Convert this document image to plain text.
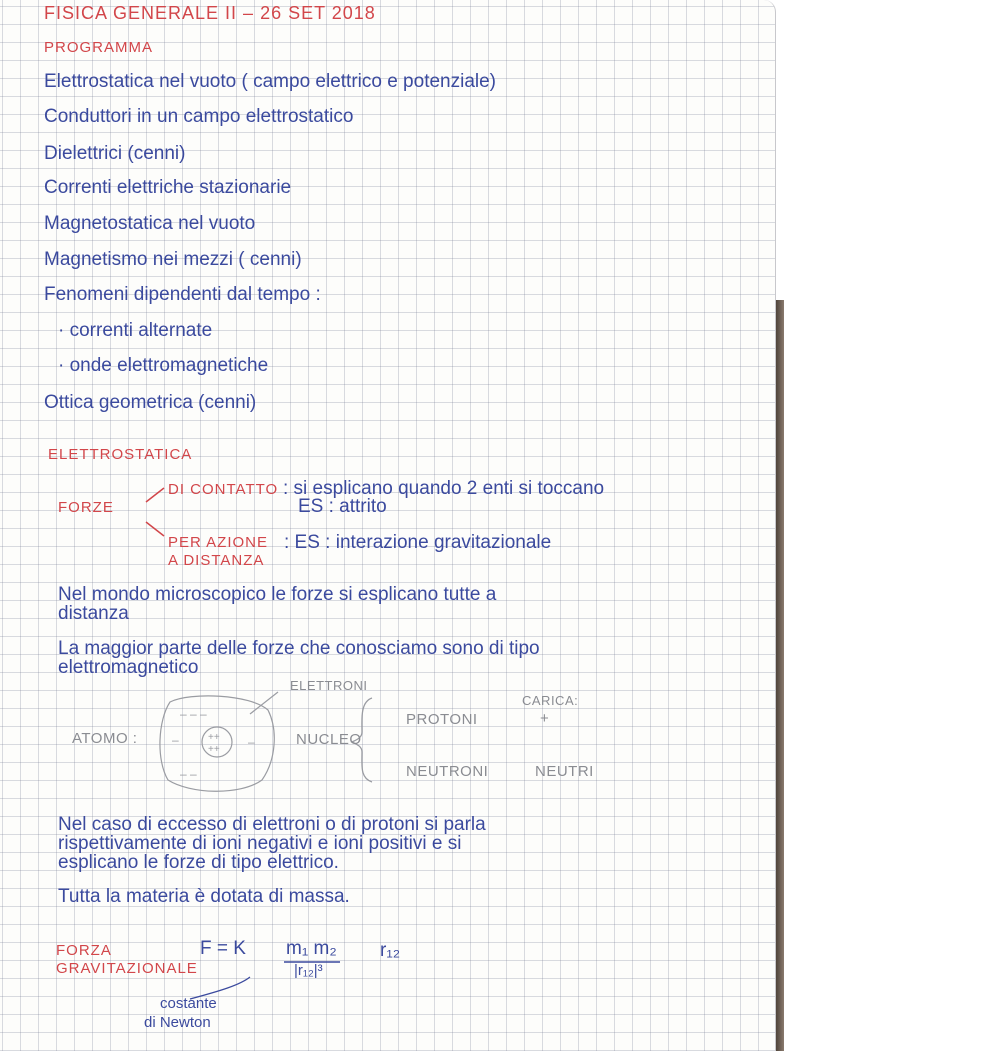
FISICA GENERALE II – 26 SET 2018

PROGRAMMA

Elettrostatica nel vuoto ( campo elettrico e potenziale)

Conduttori in un campo elettrostatico

Dielettrici (cenni)

Correnti elettriche stazionarie

Magnetostatica nel vuoto

Magnetismo nei mezzi ( cenni)

Fenomeni dipendenti dal tempo :

· correnti alternate

· onde elettromagnetiche

Ottica geometrica (cenni)

ELETTROSTATICA

FORZE

DI CONTATTO : si esplicano quando 2 enti si toccano

ES : attrito

PER AZIONE

A DISTANZA

: ES : interazione gravitazionale

Nel mondo microscopico le forze si esplicano tutte a

distanza

La maggior parte delle forze che conosciamo sono di tipo

elettromagnetico

ELETTRONI

ATOMO :	++
++
– – –
–	–
– –

NUCLEO

PROTONI

NEUTRONI

CARICA:

+

NEUTRI

Nel caso di eccesso di elettroni o di protoni si parla

rispettivamente di ioni negativi e ioni positivi e si

esplicano le forze di tipo elettrico.

Tutta la materia è dotata di massa.

FORZA

GRAVITAZIONALE

F = K m₁ m₂

|r₁₂|³

r₁₂

costante

di Newton
